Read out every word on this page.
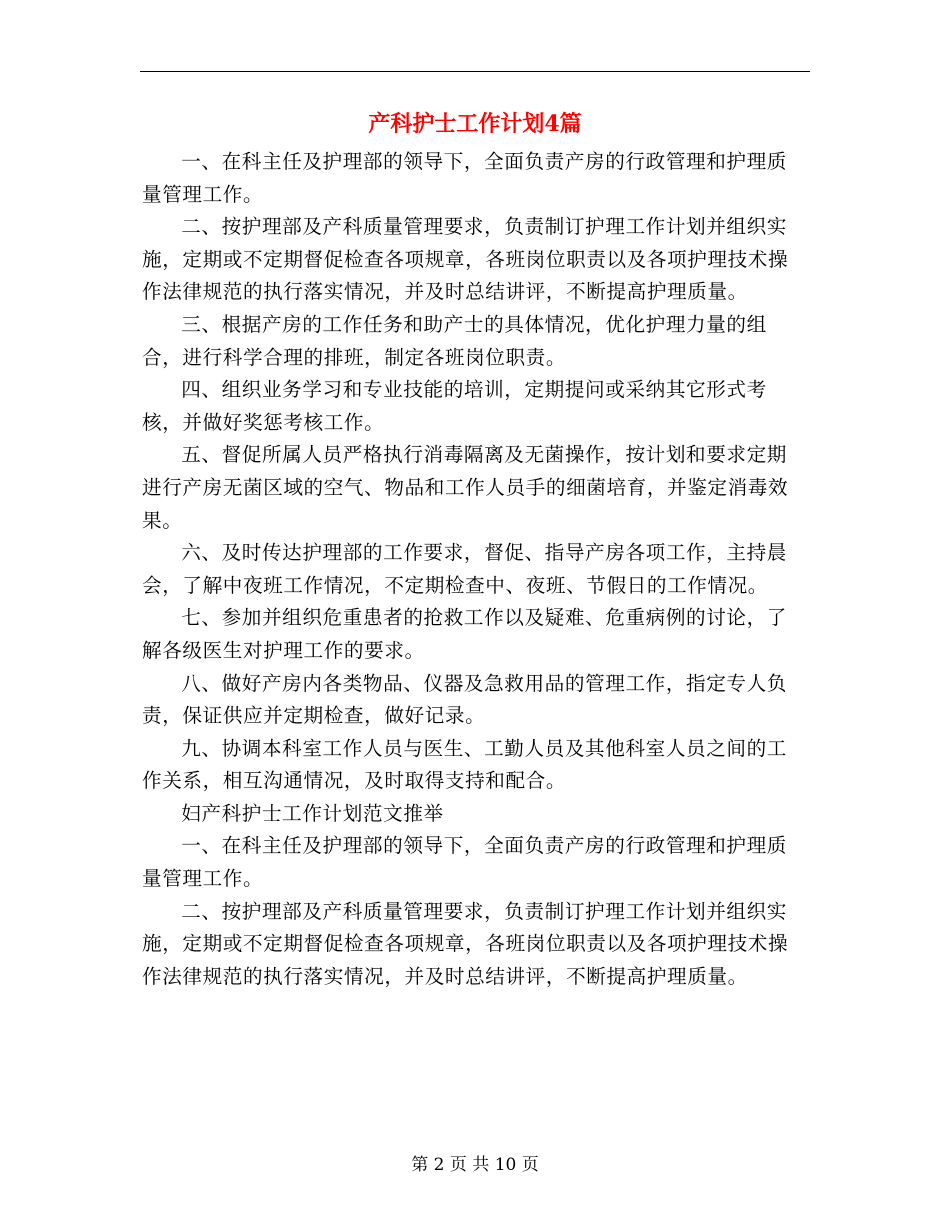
产科护士工作计划4篇

一、在科主任及护理部的领导下，全面负责产房的行政管理和护理质量管理工作。

二、按护理部及产科质量管理要求，负责制订护理工作计划并组织实施，定期或不定期督促检查各项规章，各班岗位职责以及各项护理技术操作法律规范的执行落实情况，并及时总结讲评，不断提高护理质量。

三、根据产房的工作任务和助产士的具体情况，优化护理力量的组合，进行科学合理的排班，制定各班岗位职责。

四、组织业务学习和专业技能的培训，定期提问或采纳其它形式考核，并做好奖惩考核工作。

五、督促所属人员严格执行消毒隔离及无菌操作，按计划和要求定期进行产房无菌区域的空气、物品和工作人员手的细菌培育，并鉴定消毒效果。

六、及时传达护理部的工作要求，督促、指导产房各项工作，主持晨会，了解中夜班工作情况，不定期检查中、夜班、节假日的工作情况。

七、参加并组织危重患者的抢救工作以及疑难、危重病例的讨论，了解各级医生对护理工作的要求。

八、做好产房内各类物品、仪器及急救用品的管理工作，指定专人负责，保证供应并定期检查，做好记录。

九、协调本科室工作人员与医生、工勤人员及其他科室人员之间的工作关系，相互沟通情况，及时取得支持和配合。

妇产科护士工作计划范文推举

一、在科主任及护理部的领导下，全面负责产房的行政管理和护理质量管理工作。

二、按护理部及产科质量管理要求，负责制订护理工作计划并组织实施，定期或不定期督促检查各项规章，各班岗位职责以及各项护理技术操作法律规范的执行落实情况，并及时总结讲评，不断提高护理质量。

第 2 页 共 10 页
